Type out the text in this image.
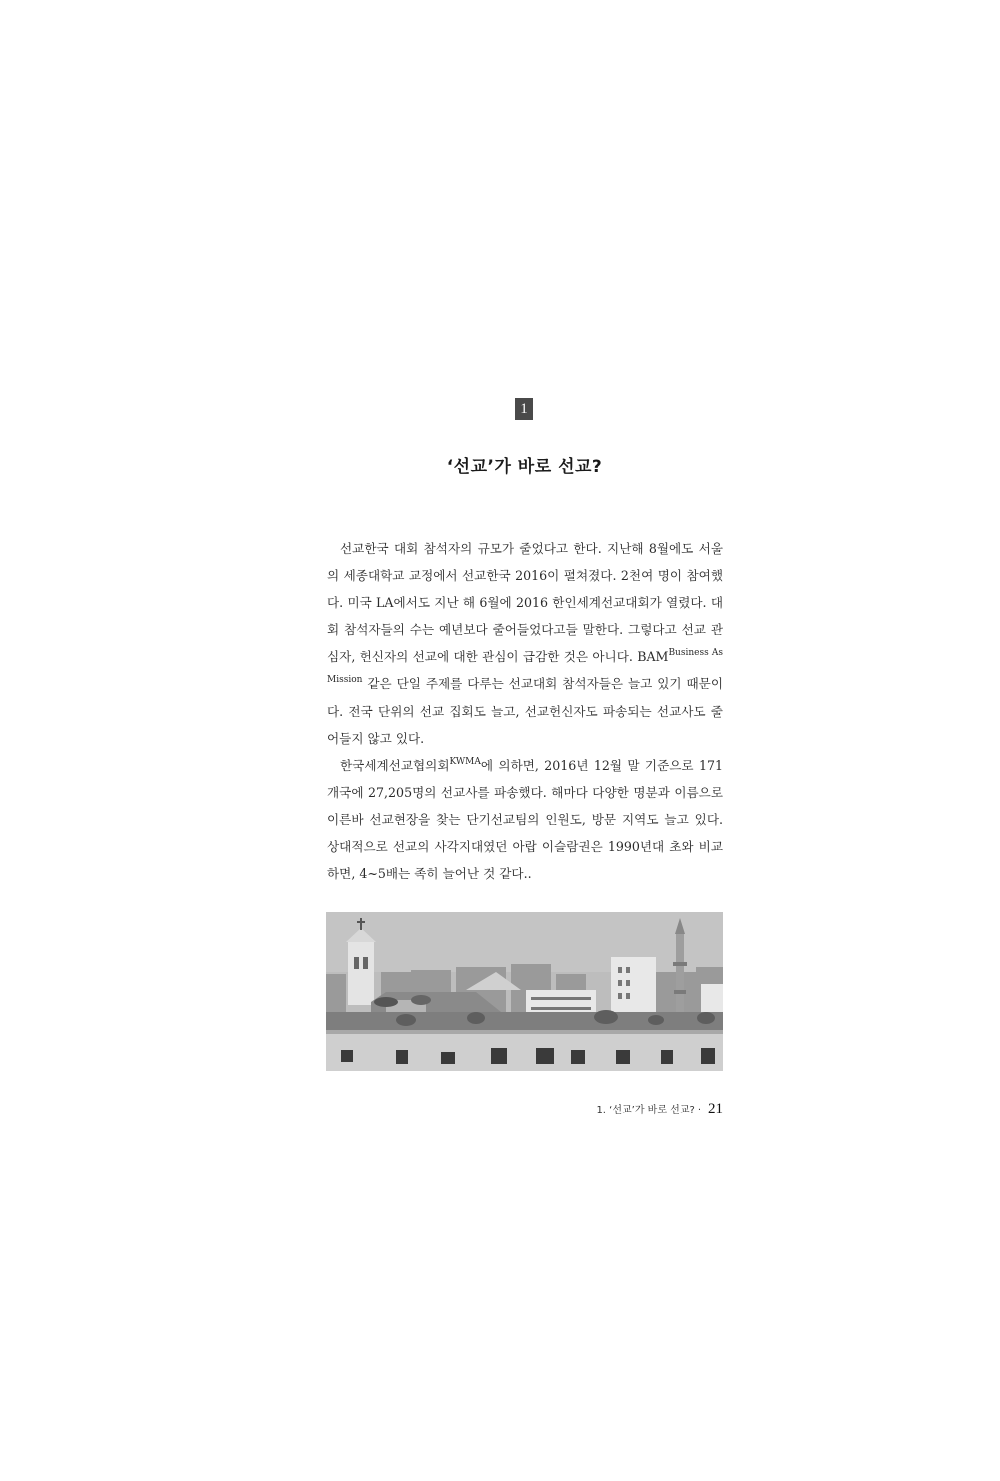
1
‘선교’가 바로 선교?

선교한국 대회 참석자의 규모가 줄었다고 한다. 지난해 8월에도 서울의 세종대학교 교정에서 선교한국 2016이 펼쳐졌다. 2천여 명이 참여했다. 미국 LA에서도 지난 해 6월에 2016 한인세계선교대회가 열렸다. 대회 참석자들의 수는 예년보다 줄어들었다고들 말한다. 그렇다고 선교 관심자, 헌신자의 선교에 대한 관심이 급감한 것은 아니다. $BAM^{Business As Mission}$ 같은 단일 주제를 다루는 선교대회 참석자들은 늘고 있기 때문이다. 전국 단위의 선교 집회도 늘고, 선교헌신자도 파송되는 선교사도 줄어들지 않고 있다.

한국세계선교협의회$^{KWMA}$에 의하면, 2016년 12월 말 기준으로 171개국에 27,205명의 선교사를 파송했다. 해마다 다양한 명분과 이름으로 이른바 선교현장을 찾는 단기선교팀의 인원도, 방문 지역도 늘고 있다. 상대적으로 선교의 사각지대였던 아랍 이슬람권은 1990년대 초와 비교하면, 4~5배는 족히 늘어난 것 같다..

1. ‘선교’가 바로 선교? · 21
